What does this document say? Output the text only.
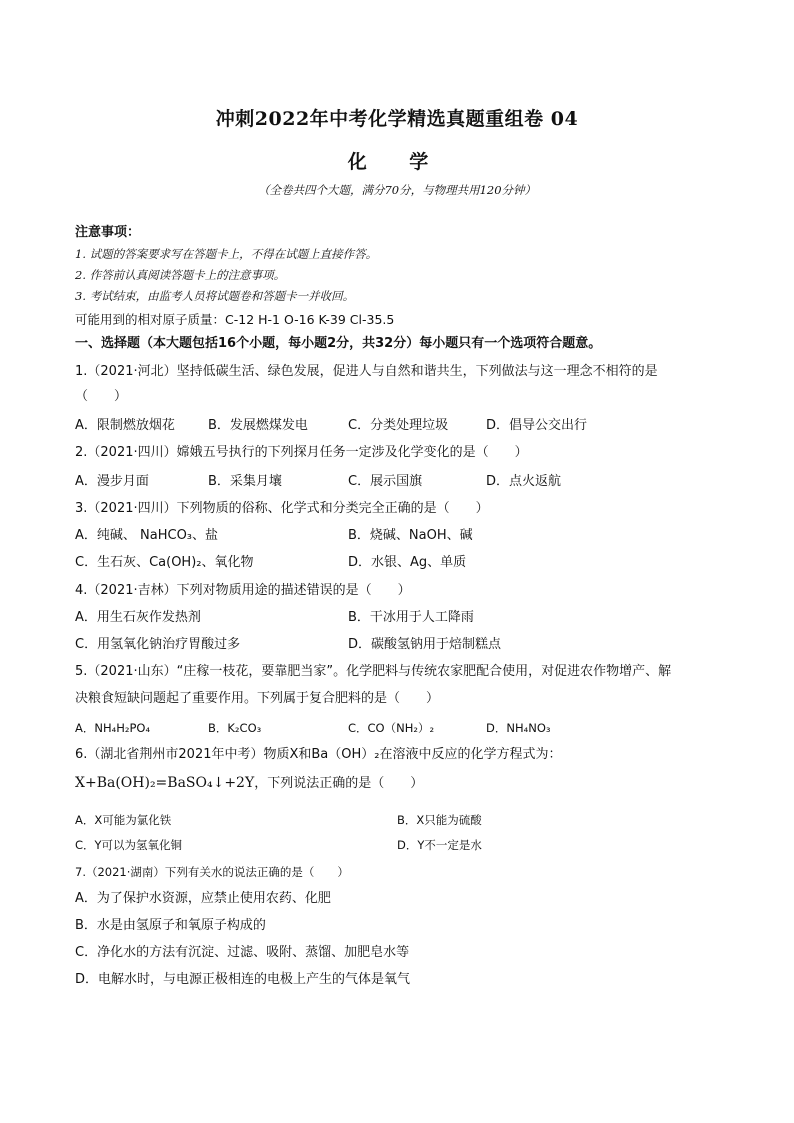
冲刺2022年中考化学精选真题重组卷 04
化 学
（全卷共四个大题，满分70分，与物理共用120分钟）
注意事项：
1. 试题的答案要求写在答题卡上，不得在试题上直接作答。
2. 作答前认真阅读答题卡上的注意事项。
3. 考试结束，由监考人员将试题卷和答题卡一并收回。
可能用到的相对原子质量：C-12 H-1 O-16 K-39 Cl-35.5
一、选择题（本大题包括16个小题，每小题2分，共32分）每小题只有一个选项符合题意。
1.（2021·河北）坚持低碳生活、绿色发展，促进人与自然和谐共生，下列做法与这一理念不相符的是
（　　）
A．限制燃放烟花	B．发展燃煤发电	C．分类处理垃圾	D．倡导公交出行
2.（2021·四川）嫦娥五号执行的下列探月任务一定涉及化学变化的是（　　）
A．漫步月面	B．采集月壤	C．展示国旗	D．点火返航
3.（2021·四川）下列物质的俗称、化学式和分类完全正确的是（　　）
A．纯碱、 NaHCO₃、盐	B．烧碱、NaOH、碱
C．生石灰、Ca(OH)₂、氧化物	D．水银、Ag、单质
4.（2021·吉林）下列对物质用途的描述错误的是（　　）
A．用生石灰作发热剂	B．干冰用于人工降雨
C．用氢氧化钠治疗胃酸过多	D．碳酸氢钠用于焙制糕点
5.（2021·山东）“庄稼一枝花，要靠肥当家”。化学肥料与传统农家肥配合使用，对促进农作物增产、解
决粮食短缺问题起了重要作用。下列属于复合肥料的是（　　）
A．NH₄H₂PO₄	B．K₂CO₃	C．CO（NH₂）₂	D．NH₄NO₃
6.（湖北省荆州市2021年中考）物质X和Ba（OH）₂在溶液中反应的化学方程式为：
X+Ba(OH)₂=BaSO₄↓+2Y，下列说法正确的是（　　）
A．X可能为氯化铁	B．X只能为硫酸
C．Y可以为氢氧化铜	D．Y不一定是水
7.（2021·湖南）下列有关水的说法正确的是（　　）
A．为了保护水资源，应禁止使用农药、化肥
B．水是由氢原子和氧原子构成的
C．净化水的方法有沉淀、过滤、吸附、蒸馏、加肥皂水等
D．电解水时，与电源正极相连的电极上产生的气体是氧气
